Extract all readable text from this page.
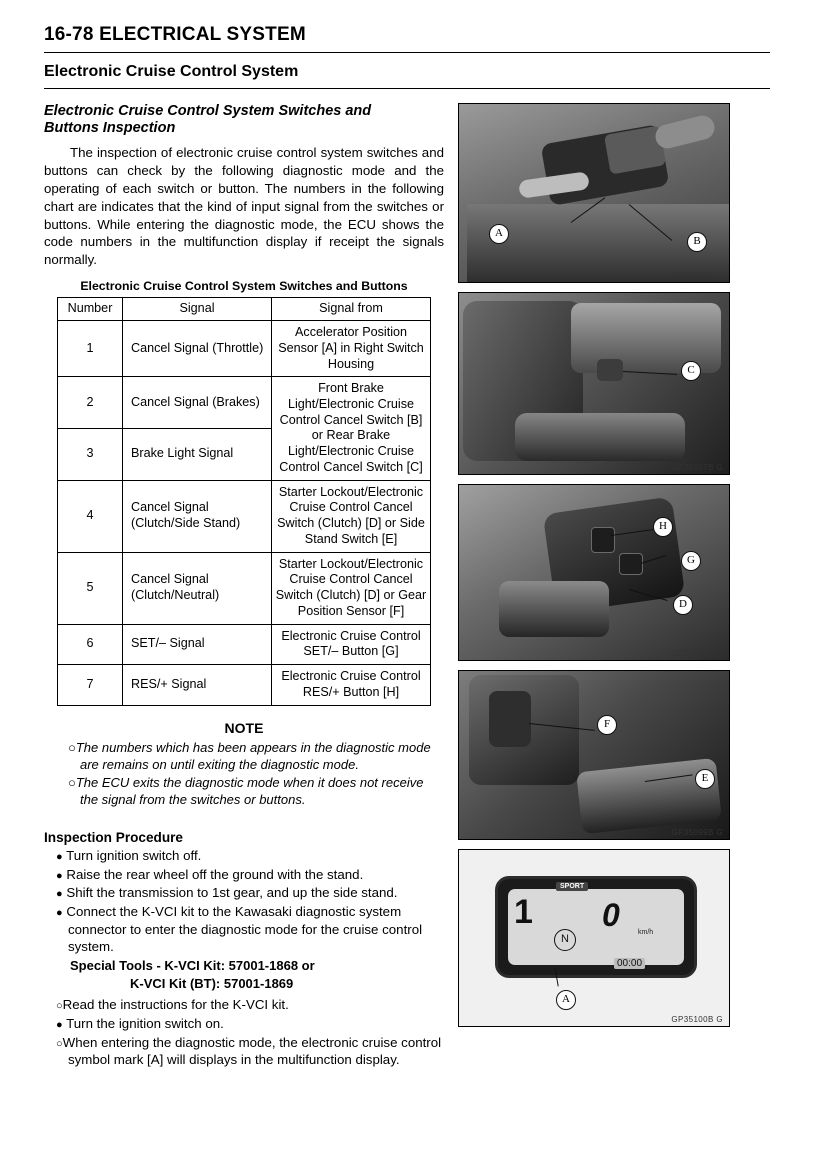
16-78 ELECTRICAL SYSTEM
Electronic Cruise Control System
Electronic Cruise Control System Switches and
Buttons Inspection

The inspection of electronic cruise control system switches and buttons can check by the following diagnostic mode and the operating of each switch or button. The numbers in the following chart are indicates that the kind of input signal from the switches or buttons. While entering the diagnostic mode, the ECU shows the code numbers in the multifunction display if receipt the signals normally.

Electronic Cruise Control System Switches and Buttons
Number	Signal	Signal from
1	Cancel Signal (Throttle)	Accelerator Position Sensor [A] in Right Switch Housing
2	Cancel Signal (Brakes)	Front Brake Light/Electronic Cruise Control Cancel Switch [B] or Rear Brake Light/Electronic Cruise Control Cancel Switch [C]
3	Brake Light Signal	
4	Cancel Signal (Clutch/Side Stand)	Starter Lockout/Electronic Cruise Control Cancel Switch (Clutch) [D] or Side Stand Switch [E]
5	Cancel Signal (Clutch/Neutral)	Starter Lockout/Electronic Cruise Control Cancel Switch (Clutch) [D] or Gear Position Sensor [F]
6	SET/– Signal	Electronic Cruise Control SET/– Button [G]
7	RES/+ Signal	Electronic Cruise Control RES/+ Button [H]
NOTE
○The numbers which has been appears in the diagnostic mode are remains on until exiting the diagnostic mode.
○The ECU exits the diagnostic mode when it does not receive the signal from the switches or buttons.
Inspection Procedure
● Turn ignition switch off.
● Raise the rear wheel off the ground with the stand.
● Shift the transmission to 1st gear, and up the side stand.
● Connect the K-VCI kit to the Kawasaki diagnostic system connector to enter the diagnostic mode for the cruise control system.
Special Tools - K-VCI Kit: 57001-1868 or
K-VCI Kit (BT): 57001-1869
○Read the instructions for the K-VCI kit.
● Turn the ignition switch on.
○When entering the diagnostic mode, the electronic cruise control symbol mark [A] will displays in the multifunction display.
A
B
GP35099B G
C
GF35007B G
H
G
D
GF35099B G
F
E
GF35099B G
SPORT
1 0	km/h
00:00
N
A
GP35100B G
